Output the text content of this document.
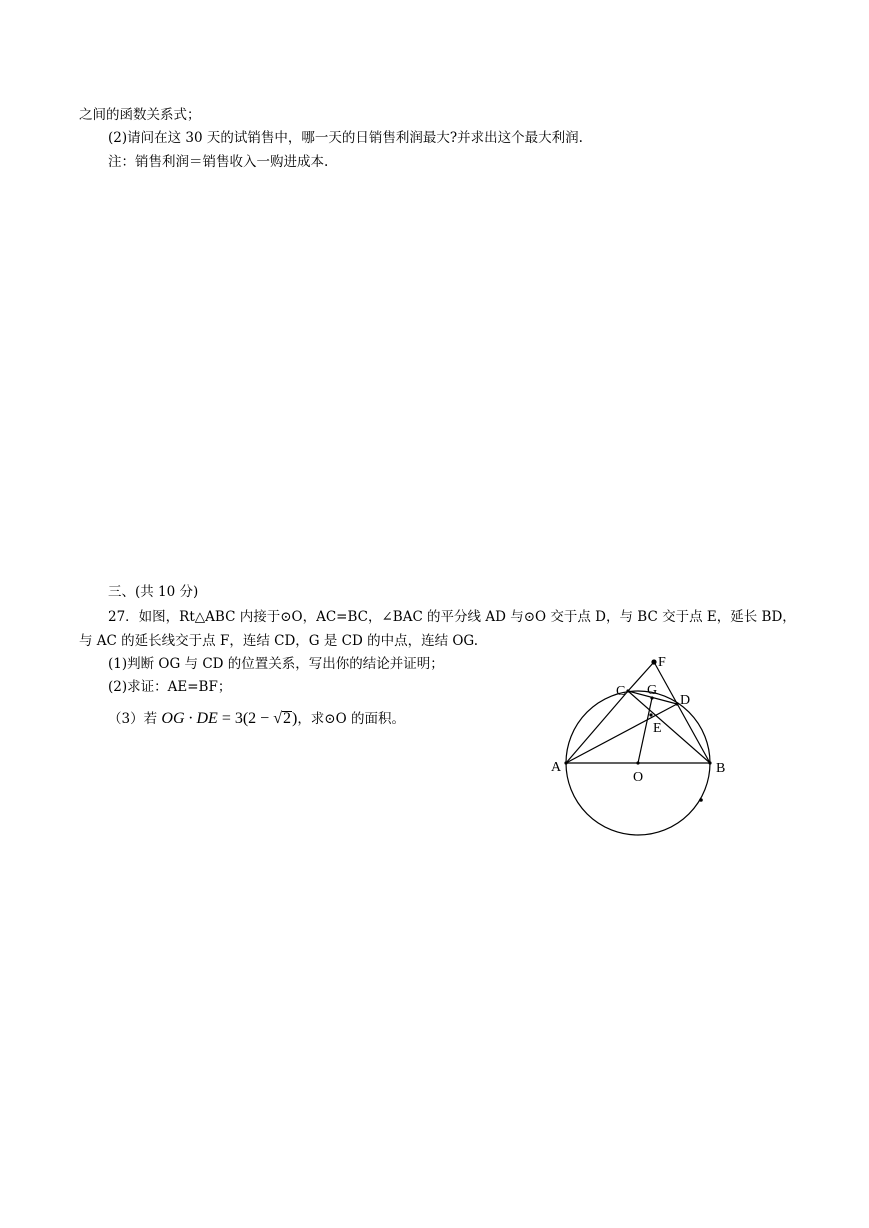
之间的函数关系式；
(2)请问在这 30 天的试销售中，哪一天的日销售利润最大?并求出这个最大利润.
注：销售利润＝销售收入一购进成本.
三、(共 10 分)
27．如图，Rt△ABC 内接于⊙O，AC=BC，∠BAC 的平分线 AD 与⊙O 交于点 D，与 BC 交于点 E，延长 BD，
与 AC 的延长线交于点 F，连结 CD，G 是 CD 的中点，连结 OG.
(1)判断 OG 与 CD 的位置关系，写出你的结论并证明；
(2)求证：AE=BF；
（3）若 OG · DE = 3(2 − √2)，求⊙O 的面积。
F
C G
D
E
A
O
B
